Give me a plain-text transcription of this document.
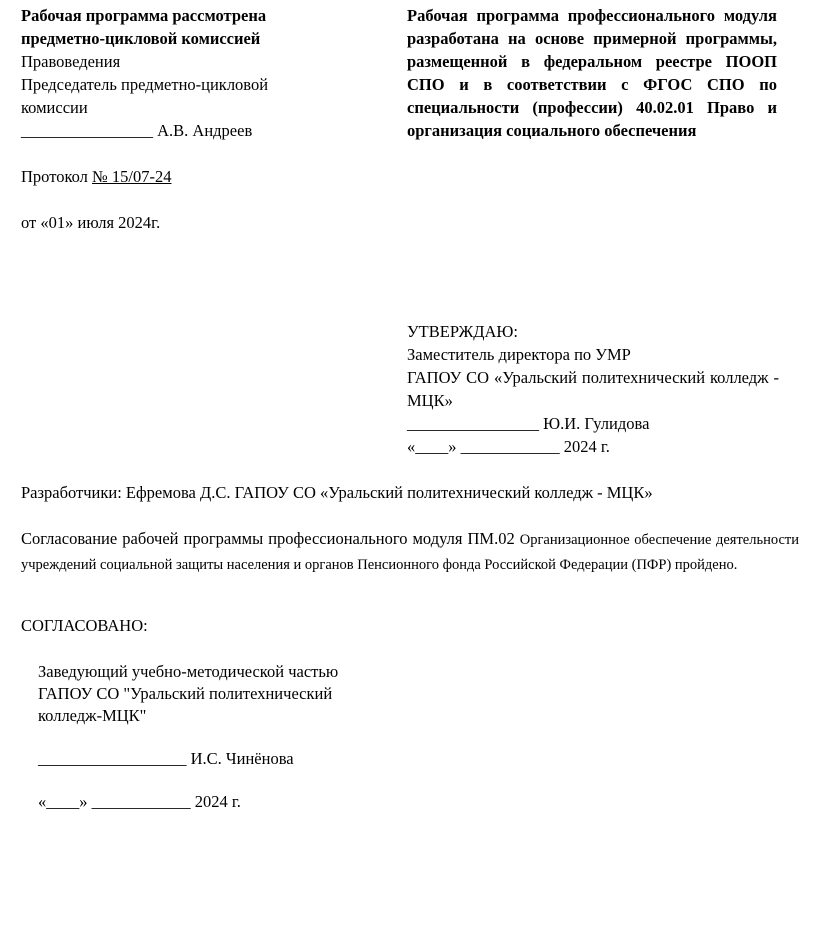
Рабочая программа рассмотрена
предметно-цикловой комиссией
Правоведения
Председатель предметно-цикловой
комиссии
________________ А.В. Андреев
Протокол № 15/07-24
от «01» июля 2024г.
Рабочая программа профессионального модуля разработана на основе примерной программы, размещенной в федеральном реестре ПООП СПО и в соответствии с ФГОС СПО по специальности (профессии) 40.02.01 Право и организация социального обеспечения
УТВЕРЖДАЮ:
Заместитель директора по УМР
ГАПОУ СО «Уральский политехнический колледж - МЦК»
________________ Ю.И. Гулидова
«____» ____________ 2024 г.
Разработчики: Ефремова Д.С. ГАПОУ СО «Уральский политехнический колледж - МЦК»
Согласование рабочей программы профессионального модуля ПМ.02 Организационное обеспечение деятельности учреждений социальной защиты населения и органов Пенсионного фонда Российской Федерации (ПФР) пройдено.
СОГЛАСОВАНО:
Заведующий учебно-методической частью
ГАПОУ СО "Уральский политехнический
колледж-МЦК"
__________________ И.С. Чинёнова
«____» ____________ 2024 г.
